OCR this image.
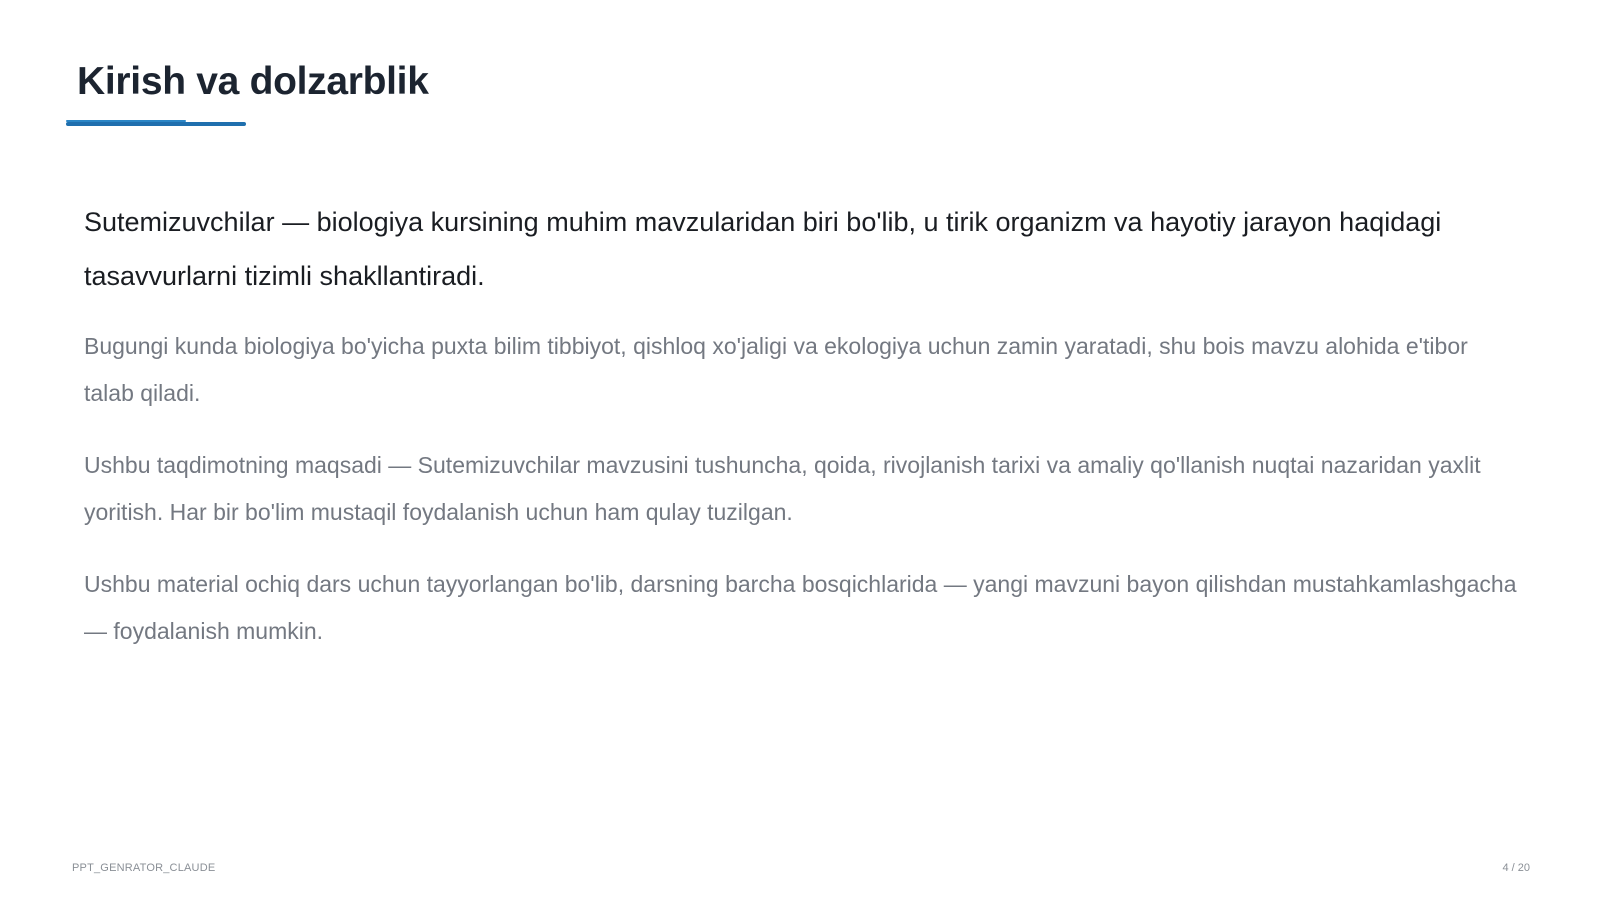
Kirish va dolzarblik

Sutemizuvchilar — biologiya kursining muhim mavzularidan biri bo'lib, u tirik organizm va hayotiy jarayon haqidagi tasavvurlarni tizimli shakllantiradi.

Bugungi kunda biologiya bo'yicha puxta bilim tibbiyot, qishloq xo'jaligi va ekologiya uchun zamin yaratadi, shu bois mavzu alohida e'tibor talab qiladi.

Ushbu taqdimotning maqsadi — Sutemizuvchilar mavzusini tushuncha, qoida, rivojlanish tarixi va amaliy qo'llanish nuqtai nazaridan yaxlit yoritish. Har bir bo'lim mustaqil foydalanish uchun ham qulay tuzilgan.

Ushbu material ochiq dars uchun tayyorlangan bo'lib, darsning barcha bosqichlarida — yangi mavzuni bayon qilishdan mustahkamlashgacha — foydalanish mumkin.

PPT_GENRATOR_CLAUDE	4 / 20
